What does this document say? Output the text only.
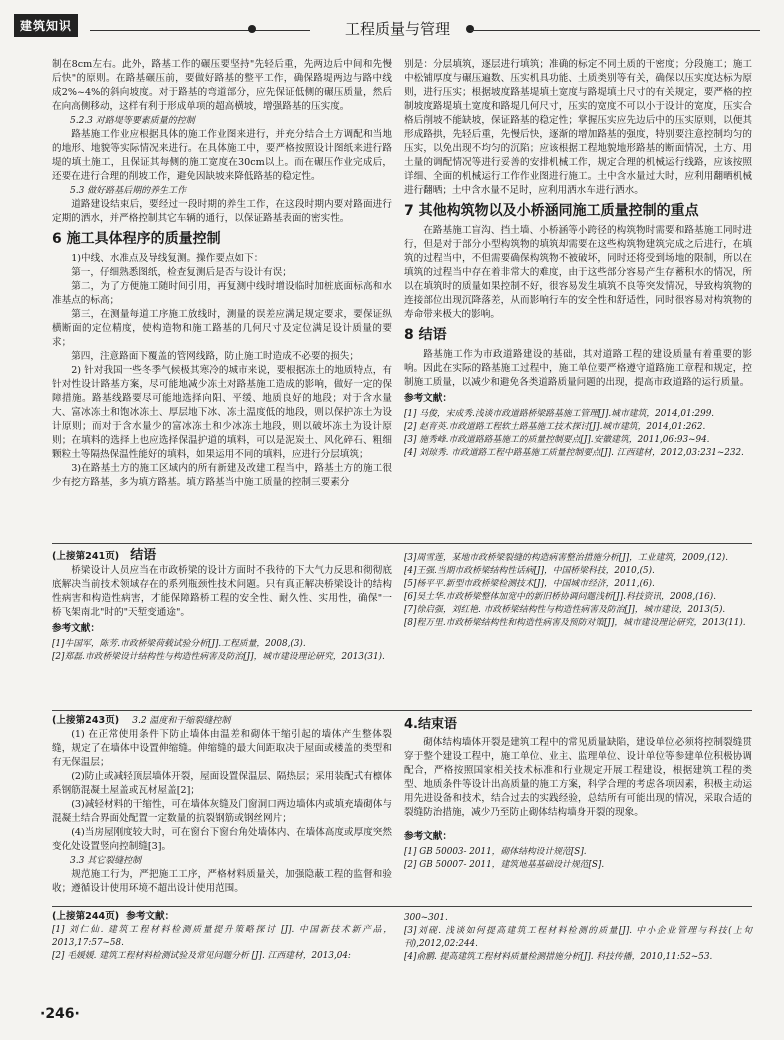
建筑知识	工程质量与管理

制在8cm左右。此外，路基工作的碾压要坚持"先轻后重，先两边后中间和先慢后快"的原则。在路基碾压前，要做好路基的整平工作，确保路堤两边与路中线成2%~4%的斜向坡度。对于路基的弯道部分，应先保证低侧的碾压质量，然后在向高侧移动，这样有利于形成单项的超高横坡，增强路基的压实度。

5.2.3 对路堤等要素质量的控制

路基施工作业应根据具体的施工作业图来进行，并充分结合土方调配和当地的地形、地貌等实际情况来进行。在具体施工中，要严格按照设计图纸来进行路堤的填土施工，且保证其每侧的施工宽度在30cm以上。而在碾压作业完成后，还要在进行合理的削坡工作，避免因缺坡来降低路基的稳定性。

5.3 做好路基后期的养生工作

道路建设结束后，要经过一段时期的养生工作，在这段时期内要对路面进行定期的洒水，并严格控制其它车辆的通行，以保证路基表面的密实性。

6 施工具体程序的质量控制

1)中线、水准点及导线复测。操作要点如下：

第一，仔细熟悉图纸，检查复测后是否与设计有误；

第二，为了方便施工随时间引用，再复测中线时增设临时加桩底面标高和水准基点的标高；

第三，在测量每道工序施工放线时，测量的误差应满足规定要求，要保证纵横断面的定位精度，使构造物和施工路基的几何尺寸及定位满足设计质量的要求；

第四，注意路面下覆盖的管网线路，防止施工时造成不必要的损失；

2) 针对我国一些冬季气候极其寒冷的城市来说，要根据冻土的地质特点，有针对性设计路基方案，尽可能地减少冻土对路基施工造成的影响，做好一定的保障措施。路基线路要尽可能地选择向阳、平缓、地质良好的地段；对于含水量大、富冰冻土和饱冰冻土、厚层地下冰、冻土温度低的地段，则以保护冻土为设计原则；而对于含水量少的富冰冻土和少冰冻土地段，则以破坏冻土为设计原则；在填料的选择上也应选择保温护道的填料，可以是泥炭土、风化碎石、粗细颗粒土等隔热保温性能好的填料，如果运用不同的填料，应进行分层填筑；

3)在路基土方的施工区域内的所有新建及改建工程当中，路基土方的施工很少有挖方路基，多为填方路基。填方路基当中施工质量的控制三要素分

别是：分层填筑，逐层进行填筑；准确的标定不同土质的干密度；分段施工；施工中松铺厚度与碾压遍数、压实机具功能、土质类别等有关，确保以压实度达标为原则，进行压实；根据坡度路基堤填土宽度与路堤填土尺寸的有关规定，要严格的控制坡度路堤填土宽度和路堤几何尺寸，压实的宽度不可以小于设计的宽度，压实合格后削坡不能缺坡，保证路基的稳定性；掌握压实应先边后中的压实原则，以便其形成路拱，先轻后重，先慢后快，逐渐的增加路基的强度，特别要注意控制均匀的压实，以免出现不均匀的沉陷；应该根据工程地貌地形路基的断面情况，土方、用土量的调配情况等进行妥善的安排机械工作，规定合理的机械运行线路，应该按照详细、全面的机械运行工作作业图进行施工。土中含水量过大时，应利用翻晒机械进行翻晒；土中含水量不足时，应利用洒水车进行洒水。

7 其他构筑物以及小桥涵同施工质量控制的重点

在路基施工盲沟、挡土墙、小桥涵等小跨径的构筑物时需要和路基施工同时进行，但是对于部分小型构筑物的填筑却需要在这些构筑物建筑完成之后进行，在填筑的过程当中，不但需要确保构筑物不被破坏，同时还将受到场地的限制，所以在填筑的过程当中存在着非常大的难度，由于这些部分容易产生存蓄积水的情况，所以在填筑时的质量如果控制不好，很容易发生填筑不良等突发情况，导致构筑物的连接部位出现沉降落差，从而影响行车的安全性和舒适性，同时很容易对构筑物的寿命带来极大的影响。

8 结语

路基施工作为市政道路建设的基础，其对道路工程的建设质量有着重要的影响。因此在实际的路基施工过程中，施工单位要严格遵守道路施工章程和规定，控制施工质量，以减少和避免各类道路质量问题的出现，提高市政道路的运行质量。

参考文献：

[1] 马俊，宋成秀.浅谈市政道路桥梁路基施工管理[J].城市建筑，2014,01:299.

[2] 赵育英.市政道路工程软土路基施工技术探讨[J].城市建筑，2014,01:262.

[3] 施秀峰.市政道路路基施工的质量控制要点[J].安徽建筑，2011,06:93~94.

[4] 刘琼秀. 市政道路工程中路基施工质量控制要点[J]. 江西建材，2012,03:231~232.

(上接第241页) 结语

桥梁设计人员应当在市政桥梁的设计方面时不我待的下大气力反思和彻彻底底解决当前技术领域存在的系列瓶颈性技术问题。只有真正解决桥梁设计的结构性病害和构造性病害，才能保障路桥工程的安全性、耐久性、实用性，确保"一桥飞架南北"时的"天堑变通途"。

参考文献：

[1]牛国军，陈芳.市政桥梁荷载试验分析[J].工程质量，2008,(3).

[2]郑磊.市政桥梁设计结构性与构造性病害及防治[J]，城市建设理论研究，2013(31).

[3]周雪莲，某地市政桥梁裂缝的构造病害整治措施分析[J]，工业建筑，2009,(12).

[4]王强.当期市政桥梁结构性话病[J]，中国桥梁科技，2010,(5).

[5]杨平平.新型市政桥梁检测技术[J]，中国城市经济，2011,(6).

[6]吴土华.市政桥梁整体加宽中的新旧桥协调问题浅析[J].科技资讯，2008,(16).

[7]徐启强，刘红艳. 市政桥梁结构性与构造性病害及防治[J]，城市建设，2013(5).

[8]程万里.市政桥梁结构性和构造性病害及预防对策[J]，城市建设理论研究，2013(11).

(上接第243页) 3.2 温度和干缩裂缝控制

(1) 在正常使用条件下防止墙体由温差和砌体干缩引起的墙体产生整体裂缝，规定了在墙体中设置伸缩缝。伸缩缝的最大间距取决于屋面或楼盖的类型和有无保温层；

(2)防止或减轻顶层墙体开裂，屋面设置保温层、隔热层；采用装配式有檩体系钢筋混凝土屋盖或瓦材屋盖[2]；

(3)减轻材料的干缩性，可在墙体灰缝及门窗洞口两边墙体内或填充墙砌体与混凝土结合界面处配置一定数量的抗裂钢筋或钢丝网片；

(4)当房屋刚度较大时，可在窗台下窗台角处墙体内、在墙体高度或厚度突然变化处设置竖向控制缝[3]。

3.3 其它裂缝控制

规范施工行为，严把施工工序，严格材料质量关，加强隐蔽工程的监督和验收；遵循设计使用环境不超出设计使用范围。

4.结束语

砌体结构墙体开裂是建筑工程中的常见质量缺陷，建设单位必须将控制裂缝贯穿于整个建设工程中，施工单位、业主、监理单位、设计单位等参建单位积极协调配合，严格按照国家相关技术标准和行业规定开展工程建设，根据建筑工程的类型、地质条件等设计出高质量的施工方案，科学合理的考虑各项因素，积极主动运用先进设备和技术，结合过去的实践经验，总结所有可能出现的情况，采取合适的裂缝防治措施，减少乃至防止砌体结构墙身开裂的现象。

参考文献：

[1] GB 50003- 2011，砌体结构设计规范[S].

[2] GB 50007- 2011，建筑地基基础设计规范[S].

(上接第244页) 参考文献：

[1] 刘仁仙. 建筑工程材料检测质量提升策略探讨 [J]. 中国新技术新产品，2013,17:57~58.

[2] 毛媛媛. 建筑工程材料检测试验及常见问题分析 [J]. 江西建材，2013,04:

300~301.

[3]刘砚. 浅谈如何提高建筑工程材料检测的质量[J]. 中小企业管理与科技(上旬刊),2012,02:244.

[4]俞鹏. 提高建筑工程材料质量检测措施分析[J]. 科技传播，2010,11:52~53.

·246·
